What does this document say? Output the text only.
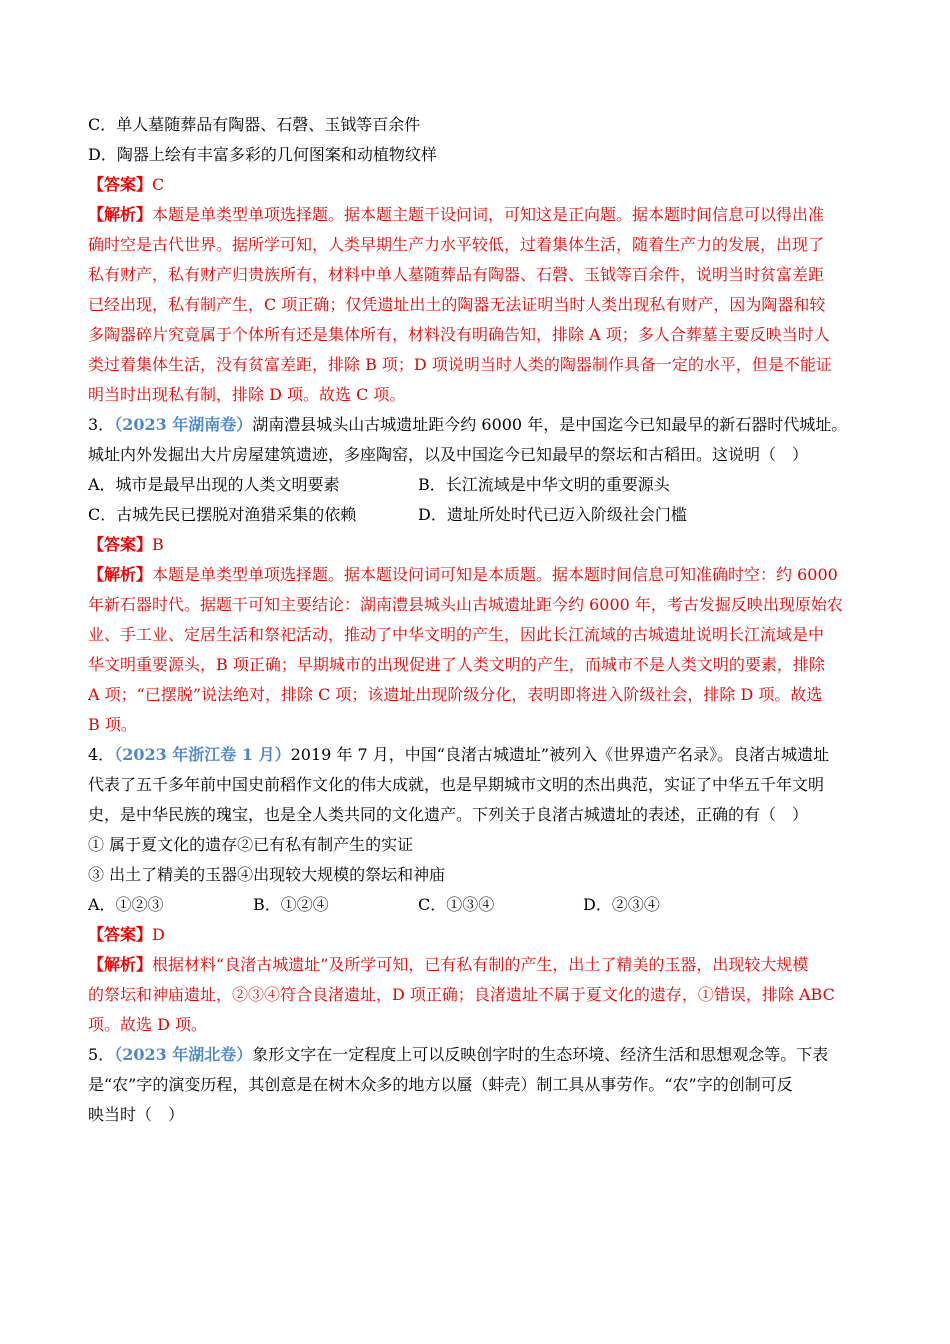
C．单人墓随葬品有陶器、石磬、玉钺等百余件
D．陶器上绘有丰富多彩的几何图案和动植物纹样
【答案】C
【解析】本题是单类型单项选择题。据本题主题干设问词，可知这是正向题。据本题时间信息可以得出准
确时空是古代世界。据所学可知，人类早期生产力水平较低，过着集体生活，随着生产力的发展，出现了
私有财产，私有财产归贵族所有，材料中单人墓随葬品有陶器、石磬、玉钺等百余件，说明当时贫富差距
已经出现，私有制产生，C 项正确；仅凭遗址出土的陶器无法证明当时人类出现私有财产，因为陶器和较
多陶器碎片究竟属于个体所有还是集体所有，材料没有明确告知，排除 A 项；多人合葬墓主要反映当时人
类过着集体生活，没有贫富差距，排除 B 项；D 项说明当时人类的陶器制作具备一定的水平，但是不能证
明当时出现私有制，排除 D 项。故选 C 项。
3．（2023 年湖南卷）湖南澧县城头山古城遗址距今约 6000 年，是中国迄今已知最早的新石器时代城址。
城址内外发掘出大片房屋建筑遗迹，多座陶窑，以及中国迄今已知最早的祭坛和古稻田。这说明（　）
A．城市是最早出现的人类文明要素	B．长江流域是中华文明的重要源头
C．古城先民已摆脱对渔猎采集的依赖	D．遗址所处时代已迈入阶级社会门槛
【答案】B
【解析】本题是单类型单项选择题。据本题设问词可知是本质题。据本题时间信息可知准确时空：约 6000
年新石器时代。据题干可知主要结论：湖南澧县城头山古城遗址距今约 6000 年，考古发掘反映出现原始农
业、手工业、定居生活和祭祀活动，推动了中华文明的产生，因此长江流域的古城遗址说明长江流域是中
华文明重要源头，B 项正确；早期城市的出现促进了人类文明的产生，而城市不是人类文明的要素，排除
A 项；“已摆脱”说法绝对，排除 C 项；该遗址出现阶级分化，表明即将进入阶级社会，排除 D 项。故选
B 项。
4．（2023 年浙江卷 1 月）2019 年 7 月，中国“良渚古城遗址”被列入《世界遗产名录》。良渚古城遗址
代表了五千多年前中国史前稻作文化的伟大成就，也是早期城市文明的杰出典范，实证了中华五千年文明
史，是中华民族的瑰宝，也是全人类共同的文化遗产。下列关于良渚古城遗址的表述，正确的有（　）
① 属于夏文化的遗存②已有私有制产生的实证
③ 出土了精美的玉器④出现较大规模的祭坛和神庙
A．①②③	B．①②④	C．①③④	D．②③④
【答案】D
【解析】根据材料“良渚古城遗址”及所学可知，已有私有制的产生，出土了精美的玉器，出现较大规模
的祭坛和神庙遗址，②③④符合良渚遗址，D 项正确；良渚遗址不属于夏文化的遗存，①错误，排除 ABC
项。故选 D 项。
5．（2023 年湖北卷）象形文字在一定程度上可以反映创字时的生态环境、经济生活和思想观念等。下表
是“农”字的演变历程，其创意是在树木众多的地方以蜃（蚌壳）制工具从事劳作。“农”字的创制可反
映当时（　）
